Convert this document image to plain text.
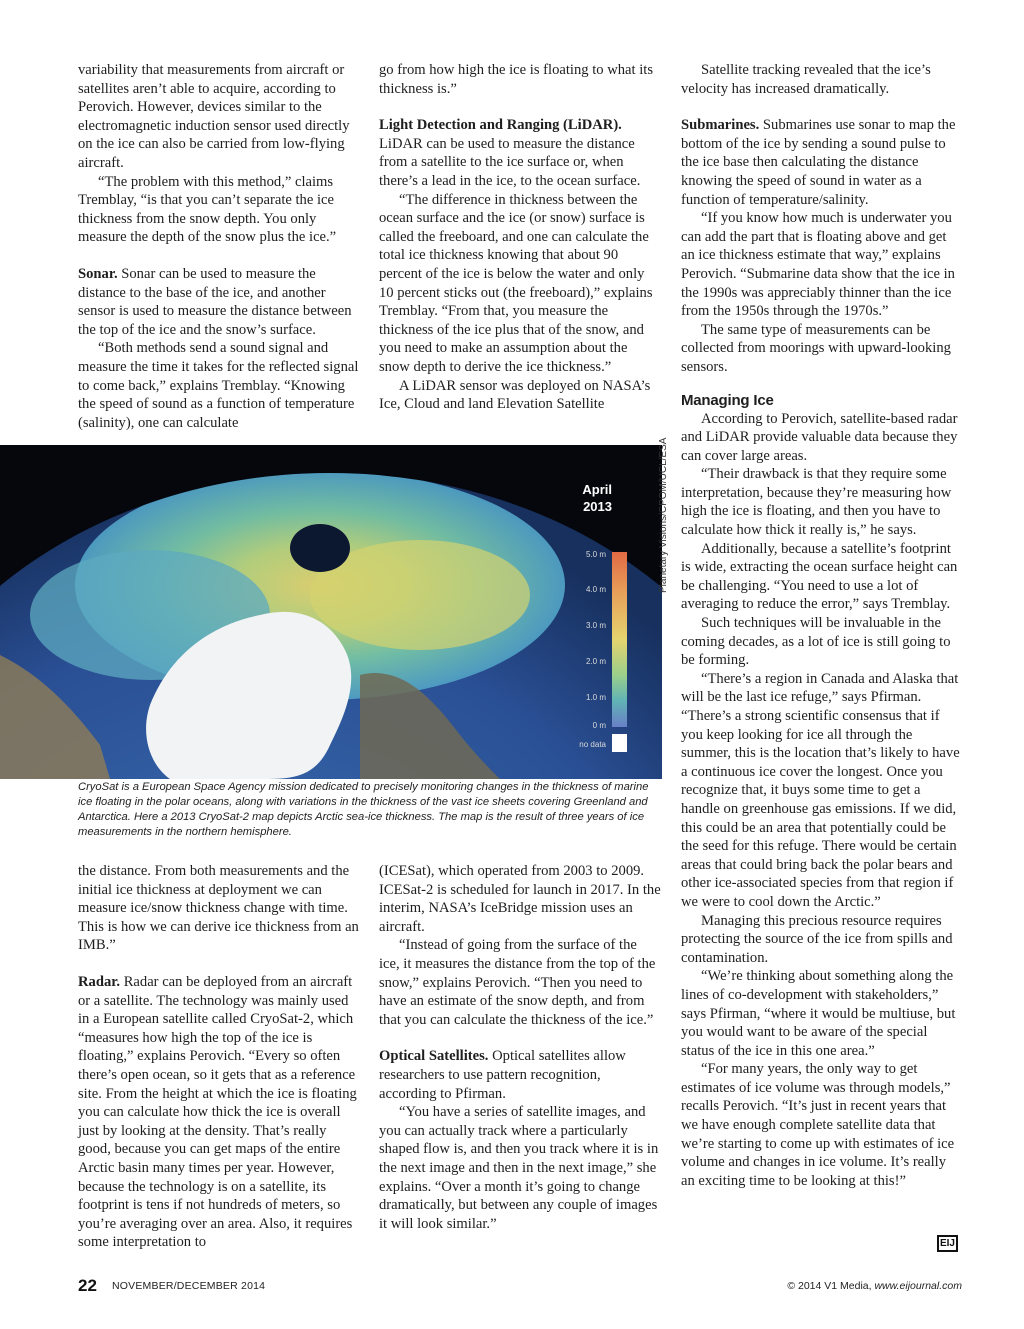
variability that measurements from aircraft or satellites aren’t able to acquire, according to Perovich. However, devices similar to the electromagnetic induction sensor used directly on the ice can also be carried from low-flying aircraft.

“The problem with this method,” claims Tremblay, “is that you can’t separate the ice thickness from the snow depth. You only measure the depth of the snow plus the ice.”

Sonar. Sonar can be used to measure the distance to the base of the ice, and another sensor is used to measure the distance between the top of the ice and the snow’s surface.

“Both methods send a sound signal and measure the time it takes for the reflected signal to come back,” explains Tremblay. “Knowing the speed of sound as a function of temperature (salinity), one can calculate

go from how high the ice is floating to what its thickness is.”

Light Detection and Ranging (LiDAR). LiDAR can be used to measure the distance from a satellite to the ice surface or, when there’s a lead in the ice, to the ocean surface.

“The difference in thickness between the ocean surface and the ice (or snow) surface is called the freeboard, and one can calculate the total ice thickness knowing that about 90 percent of the ice is below the water and only 10 percent sticks out (the freeboard),” explains Tremblay. “From that, you measure the thickness of the ice plus that of the snow, and you need to make an assumption about the snow depth to derive the ice thickness.”

A LiDAR sensor was deployed on NASA’s Ice, Cloud and land Elevation Satellite

Satellite tracking revealed that the ice’s velocity has increased dramatically.

Submarines. Submarines use sonar to map the bottom of the ice by sending a sound pulse to the ice base then calculating the distance knowing the speed of sound in water as a function of temperature/salinity.

“If you know how much is underwater you can add the part that is floating above and get an ice thickness estimate that way,” explains Perovich. “Submarine data show that the ice in the 1990s was appreciably thinner than the ice from the 1950s through the 1970s.”

The same type of measurements can be collected from moorings with upward-looking sensors.

Managing Ice

According to Perovich, satellite-based radar and LiDAR provide valuable data because they can cover large areas.

“Their drawback is that they require some interpretation, because they’re measuring how high the ice is floating, and then you have to calculate how thick it really is,” he says.

Additionally, because a satellite’s footprint is wide, extracting the ocean surface height can be challenging. “You need to use a lot of averaging to reduce the error,” says Tremblay.

Such techniques will be invaluable in the coming decades, as a lot of ice is still going to be forming.

“There’s a region in Canada and Alaska that will be the last ice refuge,” says Pfirman. “There’s a strong scientific consensus that if you keep looking for ice all through the summer, this is the location that’s likely to have a continuous ice cover the longest. Once you recognize that, it buys some time to get a handle on greenhouse gas emissions. If we did, this could be an area that potentially could be the seed for this refuge. There would be certain areas that could bring back the polar bears and other ice-associated species from that region if we were to cool down the Arctic.”

Managing this precious resource requires protecting the source of the ice from spills and contamination.

“We’re thinking about something along the lines of co-development with stakeholders,” says Pfirman, “where it would be multiuse, but you would want to be aware of the special status of the ice in this one area.”

“For many years, the only way to get estimates of ice volume was through models,” recalls Perovich. “It’s just in recent years that we have enough complete satellite data that we’re starting to come up with estimates of ice volume and changes in ice volume. It’s really an exciting time to be looking at this!”

April
2013
5.0 m
4.0 m
3.0 m
2.0 m
1.0 m
0 m
no data
Planetary Visions/CPOM/UCL/ESA

CryoSat is a European Space Agency mission dedicated to precisely monitoring changes in the thickness of marine ice floating in the polar oceans, along with variations in the thickness of the vast ice sheets covering Greenland and Antarctica. Here a 2013 CryoSat-2 map depicts Arctic sea-ice thickness. The map is the result of three years of ice measurements in the northern hemisphere.

the distance. From both measurements and the initial ice thickness at deployment we can measure ice/snow thickness change with time. This is how we can derive ice thickness from an IMB.”

Radar. Radar can be deployed from an aircraft or a satellite. The technology was mainly used in a European satellite called CryoSat-2, which “measures how high the top of the ice is floating,” explains Perovich. “Every so often there’s open ocean, so it gets that as a reference site. From the height at which the ice is floating you can calculate how thick the ice is overall just by looking at the density. That’s really good, because you can get maps of the entire Arctic basin many times per year. However, because the technology is on a satellite, its footprint is tens if not hundreds of meters, so you’re averaging over an area. Also, it requires some interpretation to

(ICESat), which operated from 2003 to 2009. ICESat-2 is scheduled for launch in 2017. In the interim, NASA’s IceBridge mission uses an aircraft.

“Instead of going from the surface of the ice, it measures the distance from the top of the snow,” explains Perovich. “Then you need to have an estimate of the snow depth, and from that you can calculate the thickness of the ice.”

Optical Satellites. Optical satellites allow researchers to use pattern recognition, according to Pfirman.

“You have a series of satellite images, and you can actually track where a particularly shaped flow is, and then you track where it is in the next image and then in the next image,” she explains. “Over a month it’s going to change dramatically, but between any couple of images it will look similar.”

EIJ
22 NOVEMBER/DECEMBER 2014	© 2014 V1 Media, www.eijournal.com
